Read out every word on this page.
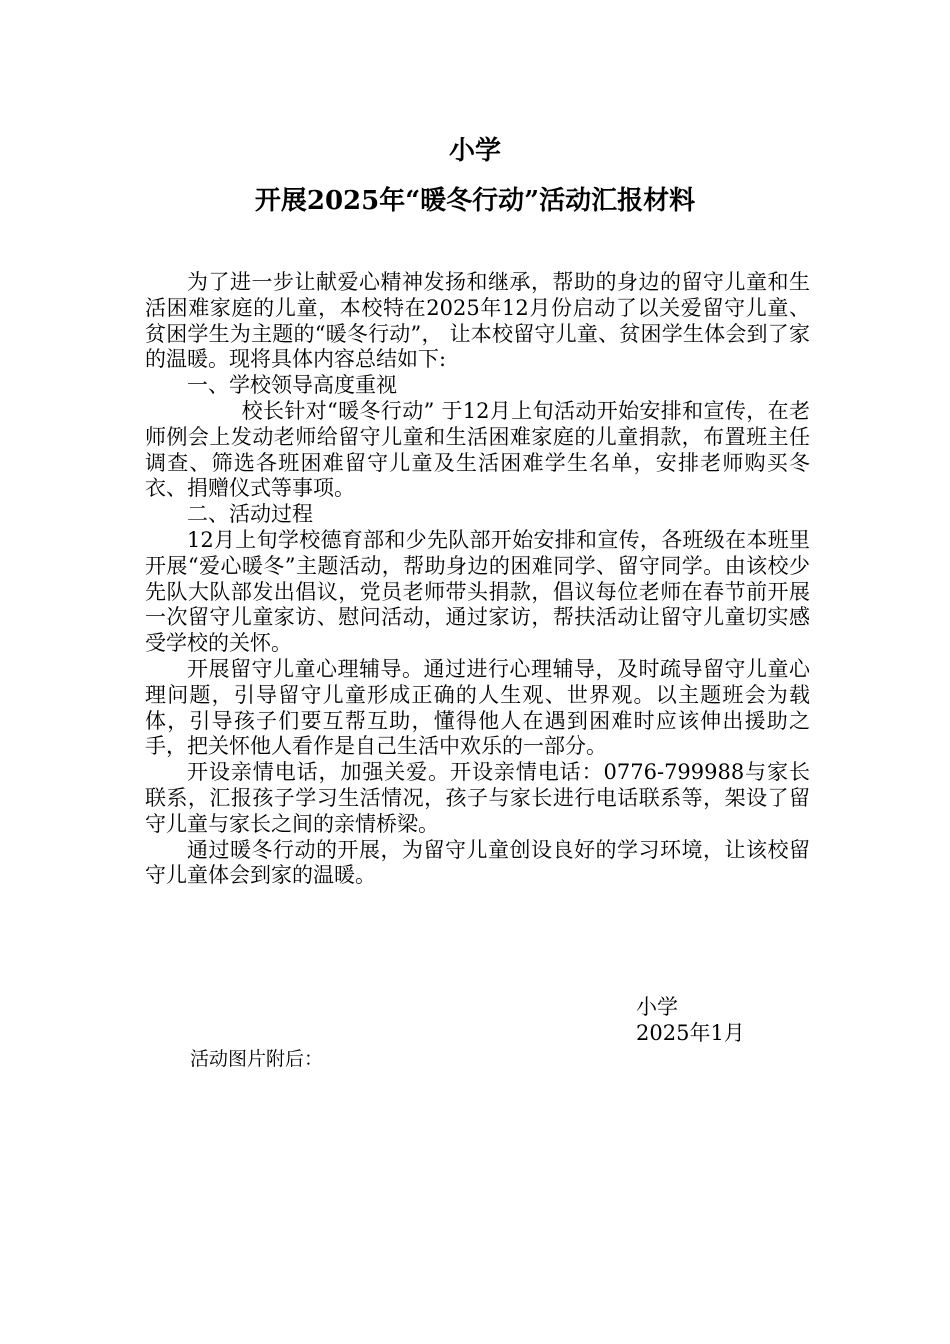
小学
开展2025年“暖冬行动”活动汇报材料

为了进一步让献爱心精神发扬和继承，帮助的身边的留守儿童和生活困难家庭的儿童，本校特在2025年12月份启动了以关爱留守儿童、贫困学生为主题的“暖冬行动”， 让本校留守儿童、贫困学生体会到了家的温暖。现将具体内容总结如下:

一、学校领导高度重视

校长针对“暖冬行动” 于12月上旬活动开始安排和宣传，在老师例会上发动老师给留守儿童和生活困难家庭的儿童捐款，布置班主任调查、筛选各班困难留守儿童及生活困难学生名单，安排老师购买冬衣、捐赠仪式等事项。

二、活动过程

12月上旬学校德育部和少先队部开始安排和宣传，各班级在本班里开展“爱心暖冬”主题活动，帮助身边的困难同学、留守同学。由该校少先队大队部发出倡议，党员老师带头捐款，倡议每位老师在春节前开展一次留守儿童家访、慰问活动，通过家访，帮扶活动让留守儿童切实感受学校的关怀。

开展留守儿童心理辅导。通过进行心理辅导，及时疏导留守儿童心理问题，引导留守儿童形成正确的人生观、世界观。以主题班会为载体，引导孩子们要互帮互助，懂得他人在遇到困难时应该伸出援助之手，把关怀他人看作是自己生活中欢乐的一部分。

开设亲情电话，加强关爱。开设亲情电话：0776-799988与家长联系，汇报孩子学习生活情况，孩子与家长进行电话联系等，架设了留守儿童与家长之间的亲情桥梁。

通过暖冬行动的开展，为留守儿童创设良好的学习环境，让该校留守儿童体会到家的温暖。

小学
2025年1月
活动图片附后：
